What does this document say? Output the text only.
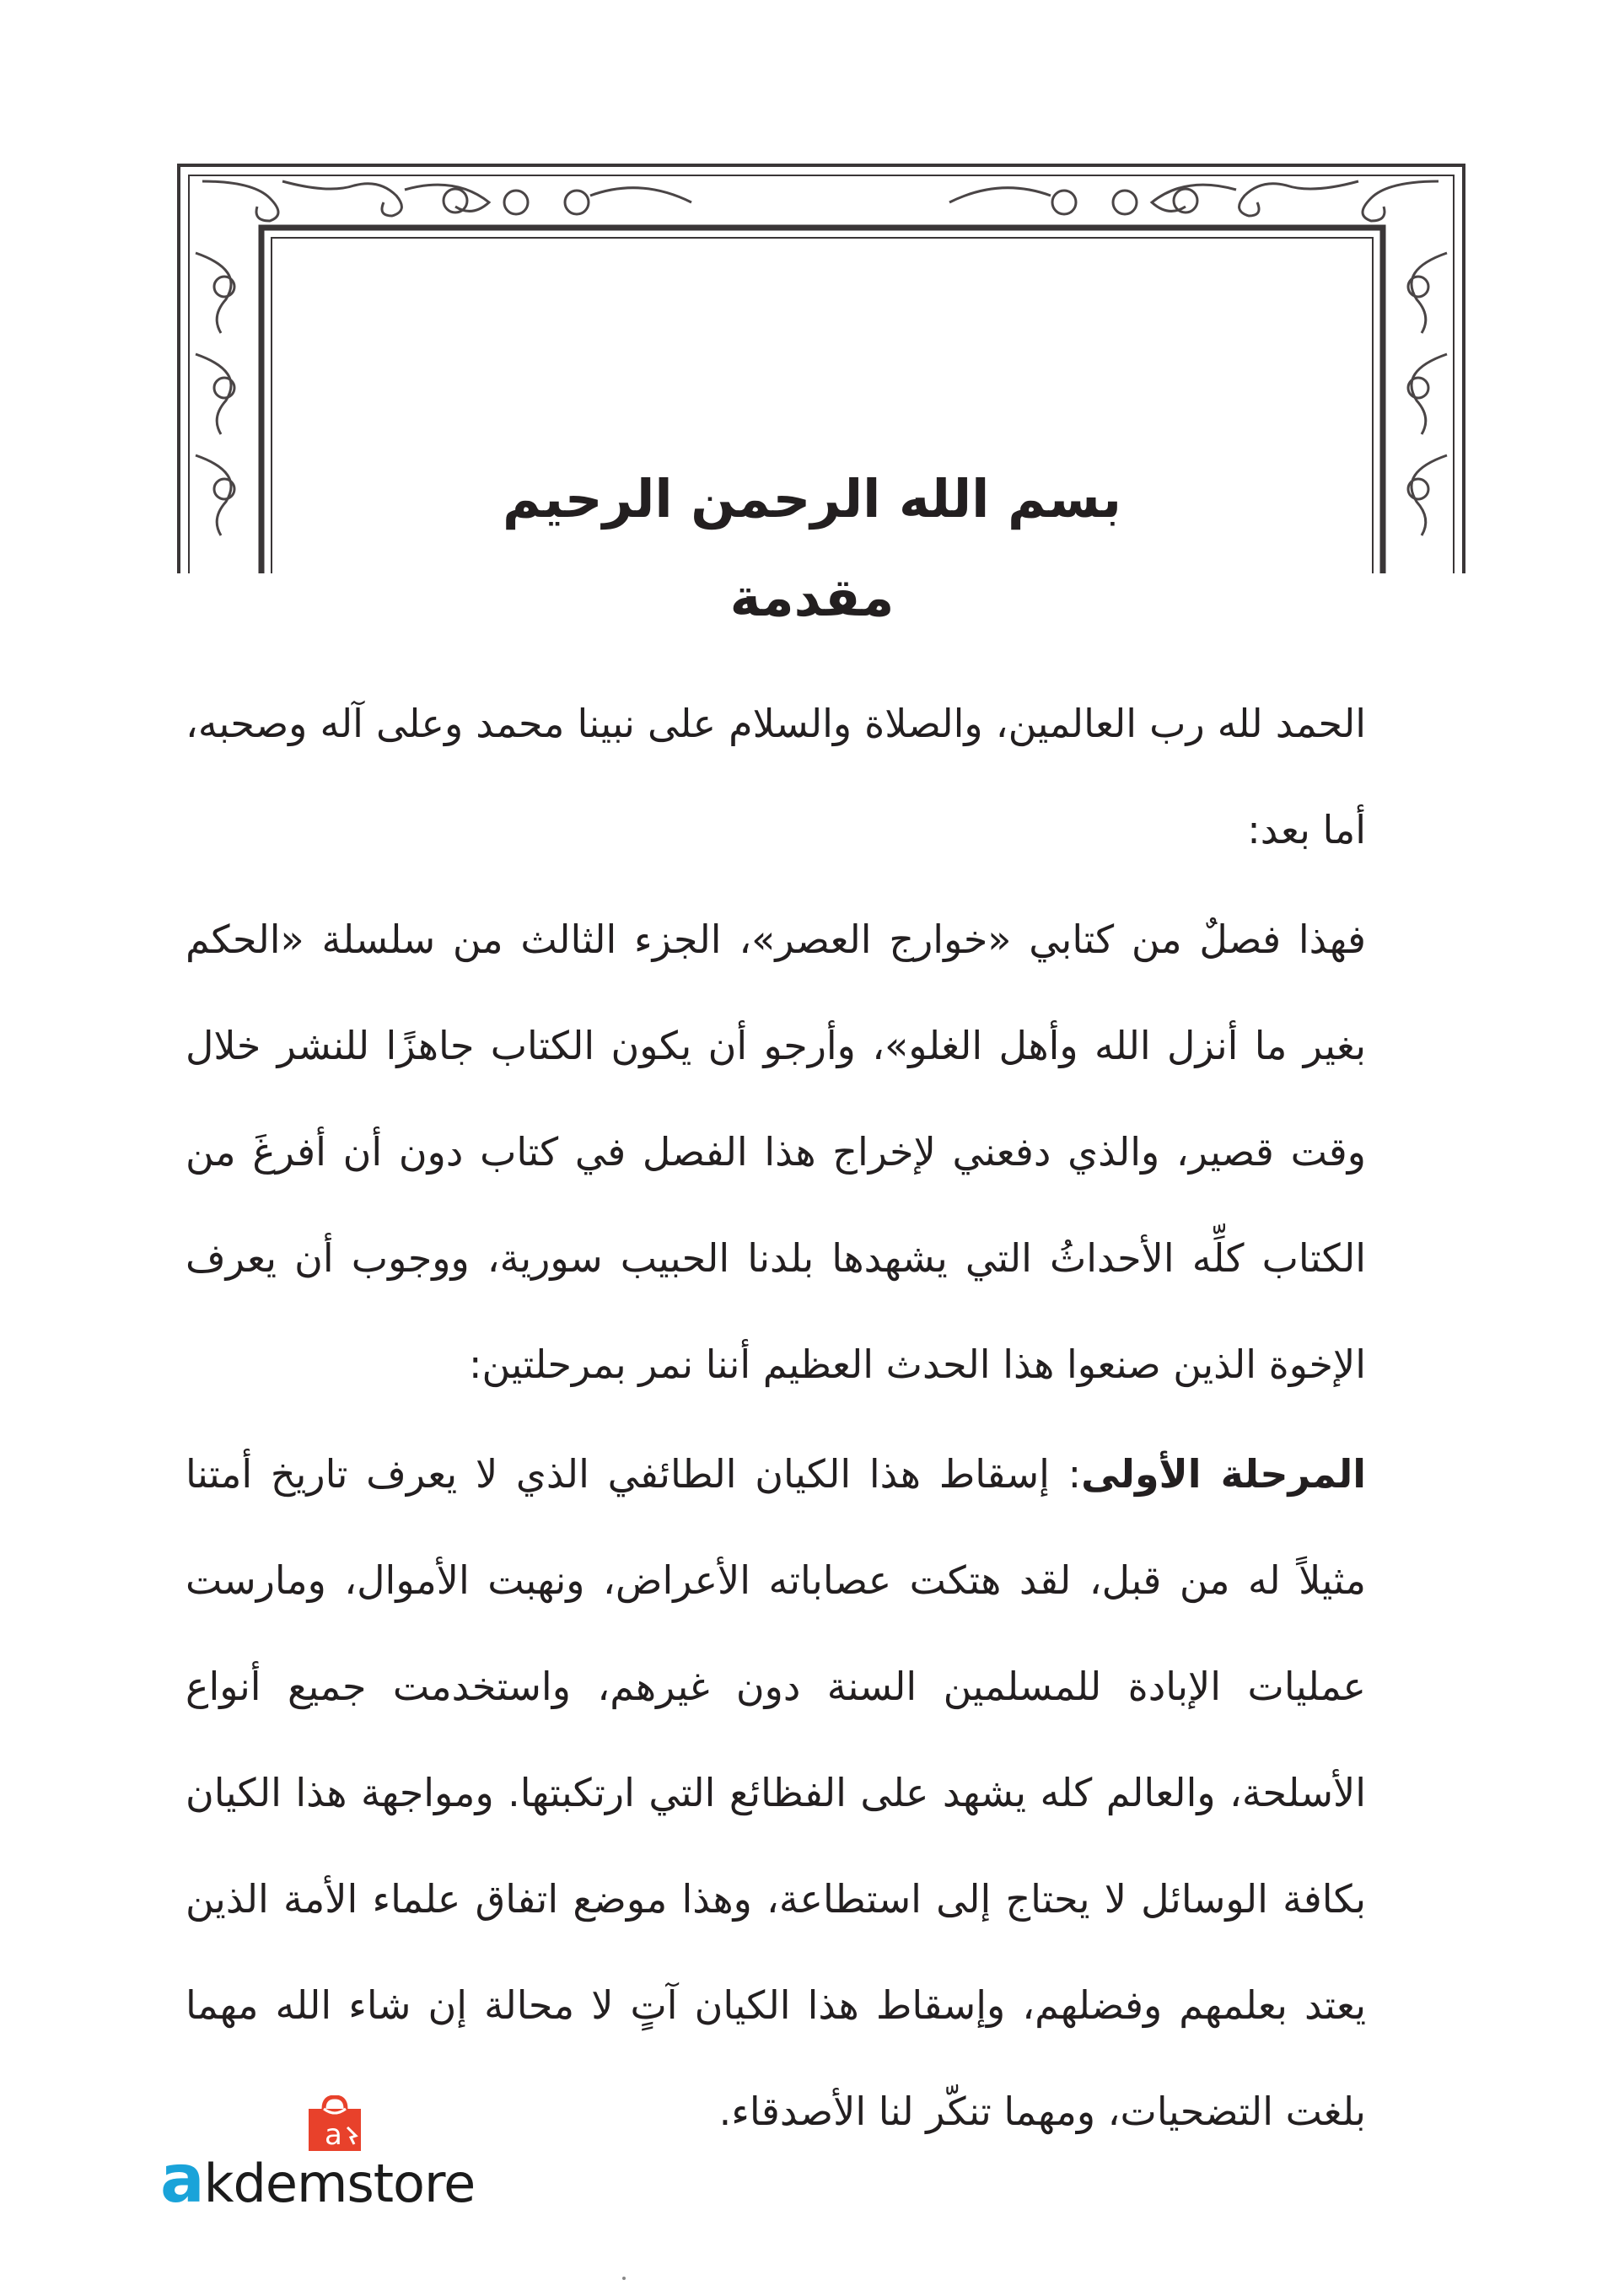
بسم الله الرحمن الرحيم
مقدمة

الحمد لله رب العالمين، والصلاة والسلام على نبينا محمد وعلى آله وصحبه، أما بعد:

فهذا فصلٌ من كتابي «خوارج العصر»، الجزء الثالث من سلسلة «الحكم بغير ما أنزل الله وأهل الغلو»، وأرجو أن يكون الكتاب جاهزًا للنشر خلال وقت قصير، والذي دفعني لإخراج هذا الفصل في كتاب دون أن أفرغَ من الكتاب كلِّه الأحداثُ التي يشهدها بلدنا الحبيب سورية، ووجوب أن يعرف الإخوة الذين صنعوا هذا الحدث العظيم أننا نمر بمرحلتين:

المرحلة الأولى: إسقاط هذا الكيان الطائفي الذي لا يعرف تاريخ أمتنا مثيلاً له من قبل، لقد هتكت عصاباته الأعراض، ونهبت الأموال، ومارست عمليات الإبادة للمسلمين السنة دون غيرهم، واستخدمت جميع أنواع الأسلحة، والعالم كله يشهد على الفظائع التي ارتكبتها. ومواجهة هذا الكيان بكافة الوسائل لا يحتاج إلى استطاعة، وهذا موضع اتفاق علماء الأمة الذين يعتد بعلمهم وفضلهم، وإسقاط هذا الكيان آتٍ لا محالة إن شاء الله مهما بلغت التضحيات، ومهما تنكّر لنا الأصدقاء.

a
akdemstore
